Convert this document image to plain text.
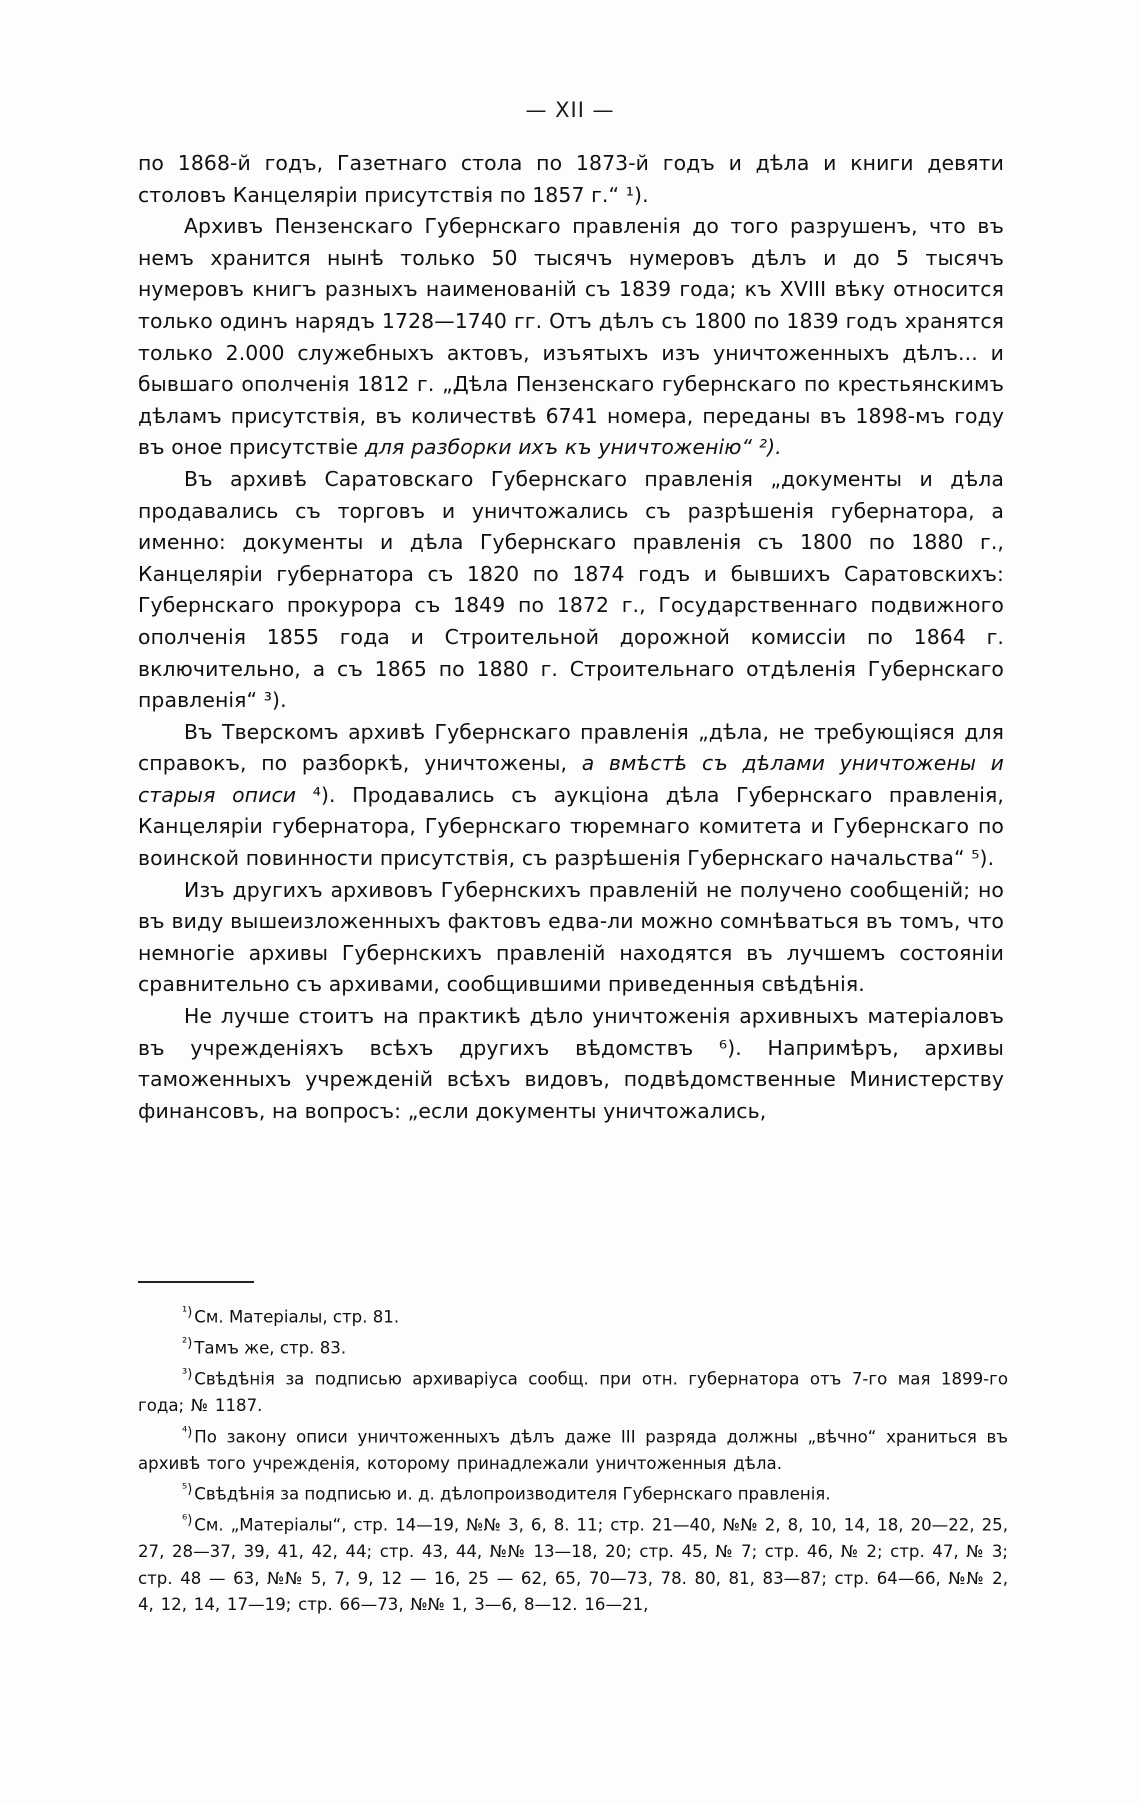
— XII —

по 1868-й годъ, Газетнаго стола по 1873-й годъ и дѣла и книги девяти столовъ Канцеляріи присутствія по 1857 г.“ ¹).

Архивъ Пензенскаго Губернскаго правленія до того разрушенъ, что въ немъ хранится нынѣ только 50 тысячъ нумеровъ дѣлъ и до 5 тысячъ нумеровъ книгъ разныхъ наименованій съ 1839 года; къ XVIII вѣку относится только одинъ нарядъ 1728—1740 гг. Отъ дѣлъ съ 1800 по 1839 годъ хранятся только 2.000 служебныхъ актовъ, изъятыхъ изъ уничтоженныхъ дѣлъ... и бывшаго ополченія 1812 г. „Дѣла Пензенскаго губернскаго по крестьянскимъ дѣламъ присутствія, въ количествѣ 6741 номера, переданы въ 1898-мъ году въ оное присутствіе для разборки ихъ къ уничтоженію“ ²).

Въ архивѣ Саратовскаго Губернскаго правленія „документы и дѣла продавались съ торговъ и уничтожались съ разрѣшенія губернатора, а именно: документы и дѣла Губернскаго правленія съ 1800 по 1880 г., Канцеляріи губернатора съ 1820 по 1874 годъ и бывшихъ Саратовскихъ: Губернскаго прокурора съ 1849 по 1872 г., Государственнаго подвижного ополченія 1855 года и Строительной дорожной комиссіи по 1864 г. включительно, а съ 1865 по 1880 г. Строительнаго отдѣленія Губернскаго правленія“ ³).

Въ Тверскомъ архивѣ Губернскаго правленія „дѣла, не требующіяся для справокъ, по разборкѣ, уничтожены, а вмѣстѣ съ дѣлами уничтожены и старыя описи ⁴). Продавались съ аукціона дѣла Губернскаго правленія, Канцеляріи губернатора, Губернскаго тюремнаго комитета и Губернскаго по воинской повинности присутствія, съ разрѣшенія Губернскаго начальства“ ⁵).

Изъ другихъ архивовъ Губернскихъ правленій не получено сообщеній; но въ виду вышеизложенныхъ фактовъ едва-ли можно сомнѣваться въ томъ, что немногіе архивы Губернскихъ правленій находятся въ лучшемъ состояніи сравнительно съ архивами, сообщившими приведенныя свѣдѣнія.

Не лучше стоитъ на практикѣ дѣло уничтоженія архивныхъ матеріаловъ въ учрежденіяхъ всѣхъ другихъ вѣдомствъ ⁶). Напримѣръ, архивы таможенныхъ учрежденій всѣхъ видовъ, подвѣдомственные Министерству финансовъ, на вопросъ: „если документы уничтожались,

$^{^1)}$ См. Матеріалы, стр. 81.

$^{^2)}$ Тамъ же, стр. 83.

$^{^3)}$ Свѣдѣнія за подписью архиваріуса сообщ. при отн. губернатора отъ 7-го мая 1899-го года; № 1187.

$^{^4)}$ По закону описи уничтоженныхъ дѣлъ даже III разряда должны „вѣчно“ храниться въ архивѣ того учрежденія, которому принадлежали уничтоженныя дѣла.

$^{^5)}$ Свѣдѣнія за подписью и. д. дѣлопроизводителя Губернскаго правленія.

$^{^6)}$ См. „Матеріалы“, стр. 14—19, №№ 3, 6, 8. 11; стр. 21—40, №№ 2, 8, 10, 14, 18, 20—22, 25, 27, 28—37, 39, 41, 42, 44; стр. 43, 44, №№ 13—18, 20; стр. 45, № 7; стр. 46, № 2; стр. 47, № 3; стр. 48 — 63, №№ 5, 7, 9, 12 — 16, 25 — 62, 65, 70—73, 78. 80, 81, 83—87; стр. 64—66, №№ 2, 4, 12, 14, 17—19; стр. 66—73, №№ 1, 3—6, 8—12. 16—21,
